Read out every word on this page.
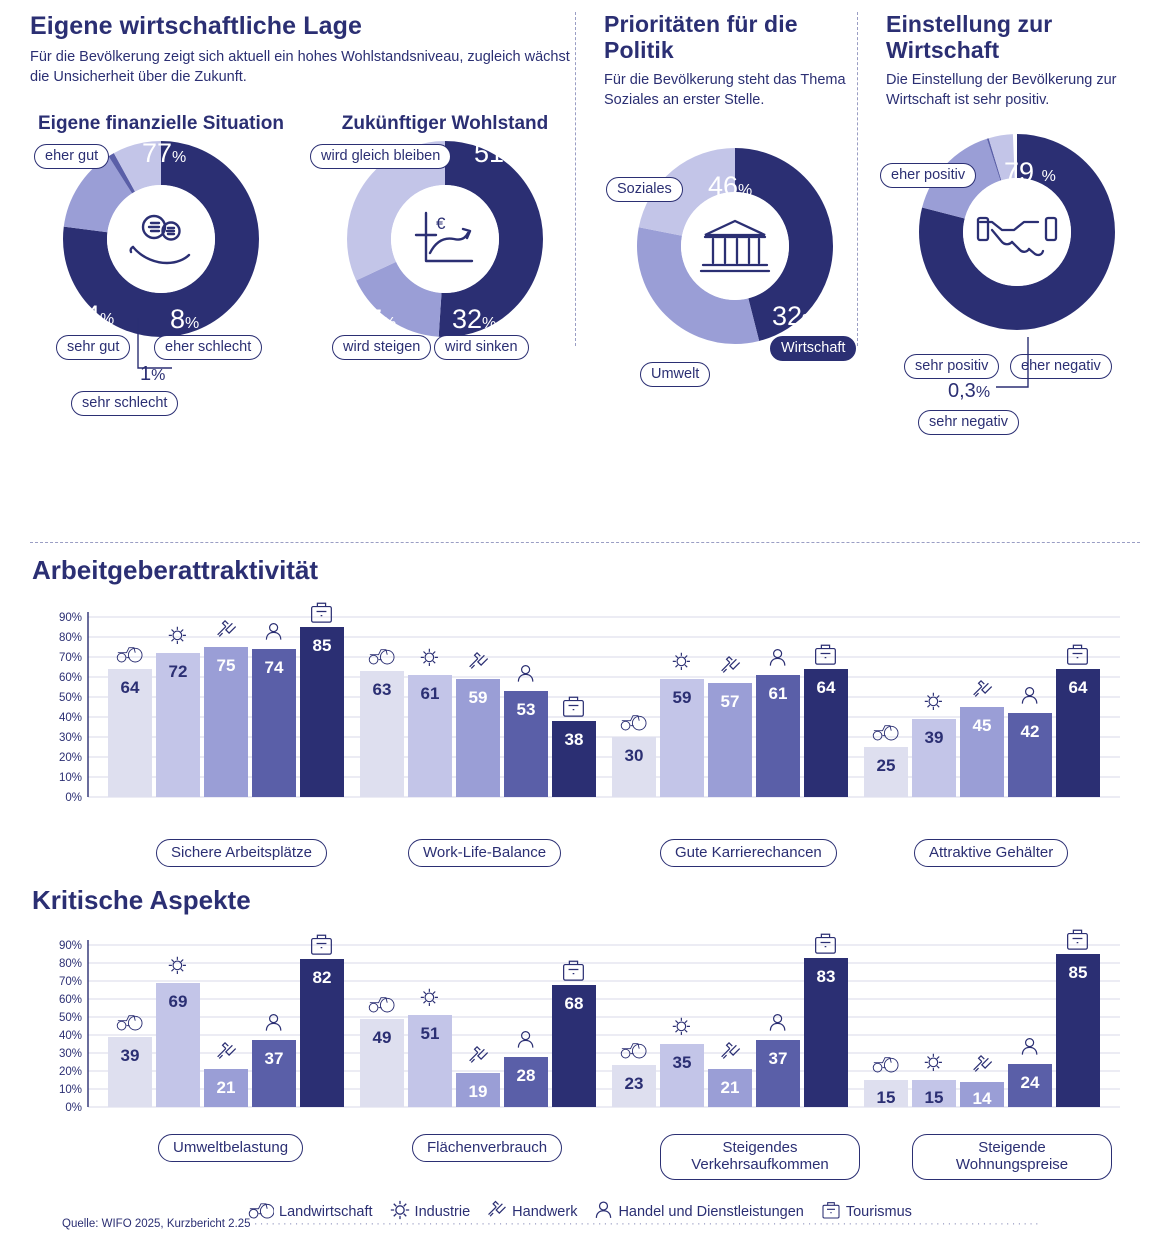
Eigene wirtschaftliche Lage

Für die Bevölkerung zeigt sich aktuell ein hohes Wohlstandsniveau, zugleich wächst die Unsicherheit über die Zukunft.

Eigene finanzielle Situation
eher gut	77%
14%
sehr gut
8%
eher schlecht
1%
sehr schlecht
Zukünftiger Wohlstand
€
wird gleich bleiben	51%
17%
wird steigen
32%
wird sinken
Prioritäten für die Politik

Für die Bevölkerung steht das Thema Soziales an erster Stelle.

Soziales	46%
32%
Wirtschaft
22%
Umwelt
Einstellung zur Wirtschaft

Die Einstellung der Bevölkerung zur Wirtschaft ist sehr positiv.

eher positiv	79 %
16%
sehr positiv
4%
eher negativ
0,3%
sehr negativ
Arbeitgeberattraktivität
0%
10%
20%
30%
40%
50%
60%
70%
80%
90%
64
72 75 74
85
63 61 59
53
38
30
59 57 61 64
25
39
45 42
64
Sichere Arbeitsplätze	Work-Life-Balance	Gute Karrierechancen	Attraktive Gehälter
Kritische Aspekte
0%
10%
20%
30%
40%
50%
60%
70%
80%
90%
39
69
21
37
82
49 51
19
28
68
23
35
21
37
83
15 15 14
24
85
Umweltbelastung	Flächenverbrauch	Steigendes Verkehrsaufkommen
Steigende Wohnungspreise
Landwirtschaft	Industrie	Handwerk	Handel und Dienstleistungen	Tourismus
Quelle: WIFO 2025, Kurzbericht 2.25 ·······································································································································
